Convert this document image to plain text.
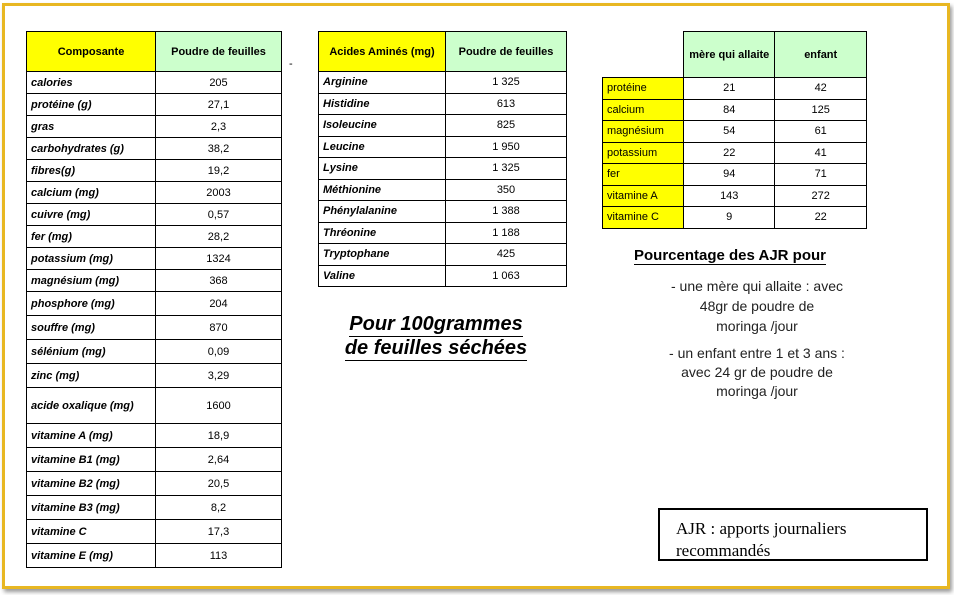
Composante	Poudre de feuilles
calories	205
protéine (g)	27,1
gras	2,3
carbohydrates (g)	38,2
fibres(g)	19,2
calcium (mg)	2003
cuivre (mg)	0,57
fer (mg)	28,2
potassium (mg)	1324
magnésium (mg)	368
phosphore (mg)	204
souffre (mg)	870
sélénium (mg)	0,09
zinc (mg)	3,29
acide oxalique (mg)	1600
vitamine A (mg)	18,9
vitamine B1 (mg)	2,64
vitamine B2 (mg)	20,5
vitamine B3 (mg)	8,2
vitamine C	17,3
vitamine E (mg)	113
-
Acides Aminés (mg)	Poudre de feuilles
Arginine	1 325
Histidine	613
Isoleucine	825
Leucine	1 950
Lysine	1 325
Méthionine	350
Phénylalanine	1 388
Thréonine	1 188
Tryptophane	425
Valine	1 063
	mère qui allaite	enfant
protéine	21	42
calcium	84	125
magnésium	54	61
potassium	22	41
fer	94	71
vitamine A	143	272
vitamine C	9	22
Pour 100grammes
de feuilles séchées
Pourcentage des AJR pour
- une mère qui allaite : avec
48gr de poudre de
moringa /jour
- un enfant entre 1 et 3 ans :
avec 24 gr de poudre de
moringa /jour
AJR : apports journaliers
recommandés
